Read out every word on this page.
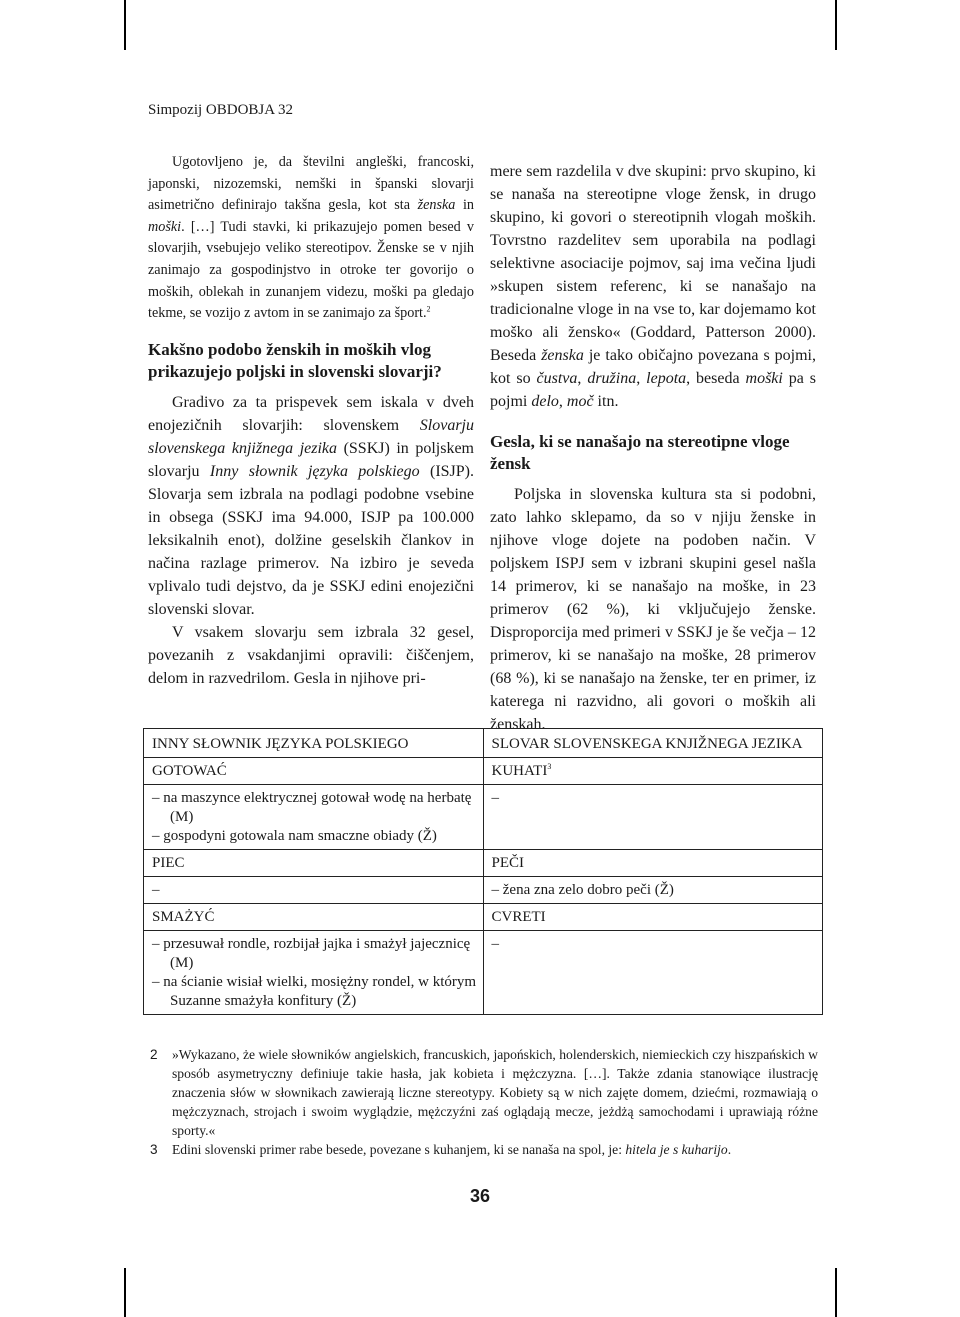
Simpozij OBDOBJA 32

Ugotovljeno je, da številni angleški, francoski, japonski, nizozemski, nemški in španski slovarji asimetrično definirajo takšna gesla, kot sta ženska in moški. […] Tudi stavki, ki prikazujejo pomen besed v slovarjih, vsebujejo veliko stereotipov. Ženske se v njih zanimajo za gospodinjstvo in otroke ter govorijo o moških, oblekah in zunanjem videzu, moški pa gledajo tekme, se vozijo z avtom in se zanimajo za šport.$^2$

Kakšno podobo ženskih in moških vlog prikazujejo poljski in slovenski slovarji?

Gradivo za ta prispevek sem iskala v dveh enojezičnih slovarjih: slovenskem Slovarju slovenskega knjižnega jezika (SSKJ) in poljskem slovarju Inny słownik języka polskiego (ISJP). Slovarja sem izbrala na podlagi podobne vsebine in obsega (SSKJ ima 94.000, ISJP pa 100.000 leksikalnih enot), dolžine geselskih člankov in načina razlage primerov. Na izbiro je seveda vplivalo tudi dejstvo, da je SSKJ edini enojezični slovenski slovar.

V vsakem slovarju sem izbrala 32 gesel, povezanih z vsakdanjimi opravili: čiščenjem, delom in razvedrilom. Gesla in njihove pri-

mere sem razdelila v dve skupini: prvo skupino, ki se nanaša na stereotipne vloge žensk, in drugo skupino, ki govori o stereotipnih vlogah moških. Tovrstno razdelitev sem uporabila na podlagi selektivne asociacije pojmov, saj ima večina ljudi »skupen sistem referenc, ki se nanašajo na tradicionalne vloge in na vse to, kar dojemamo kot moško ali žensko« (Goddard, Patterson 2000). Beseda ženska je tako običajno povezana s pojmi, kot so čustva, družina, lepota, beseda moški pa s pojmi delo, moč itn.

Gesla, ki se nanašajo na stereotipne vloge žensk

Poljska in slovenska kultura sta si podobni, zato lahko sklepamo, da so v njiju ženske in njihove vloge dojete na podoben način. V poljskem ISPJ sem v izbrani skupini gesel našla 14 primerov, ki se nanašajo na moške, in 23 primerov (62 %), ki vključujejo ženske. Disproporcija med primeri v SSKJ je še večja – 12 primerov, ki se nanašajo na moške, 28 primerov (68 %), ki se nanašajo na ženske, ter en primer, iz katerega ni razvidno, ali govori o moških ali ženskah.

INNY SŁOWNIK JĘZYKA POLSKIEGO	SLOVAR SLOVENSKEGA KNJIŽNEGA JEZIKA
GOTOWAĆ	KUHATI$^3$

– na maszynce elektrycznej gotował wodę na herbatę (M)
– gospodyni gotowala nam smaczne obiady (Ž)	–
PIEC	PEČI
–	– žena zna zelo dobro peči (Ž)

SMAŻYĆ	CVRETI

– przesuwał rondle, rozbijał jajka i smażył jajecznicę (M)
– na ścianie wisiał wielki, mosiężny rondel, w którym Suzanne smażyła konfitury (Ž)	–

2 »Wykazano, że wiele słowników angielskich, francuskich, japońskich, holenderskich, niemieckich czy hiszpańskich w sposób asymetryczny definiuje takie hasła, jak kobieta i mężczyzna. […]. Także zdania stanowiące ilustrację znaczenia słów w słownikach zawierają liczne stereotypy. Kobiety są w nich zajęte domem, dziećmi, rozmawiają o mężczyznach, strojach i swoim wyglądzie, mężczyźni zaś oglądają mecze, jeżdżą samochodami i uprawiają różne sporty.«

3 Edini slovenski primer rabe besede, povezane s kuhanjem, ki se nanaša na spol, je: hitela je s kuharijo.

36
